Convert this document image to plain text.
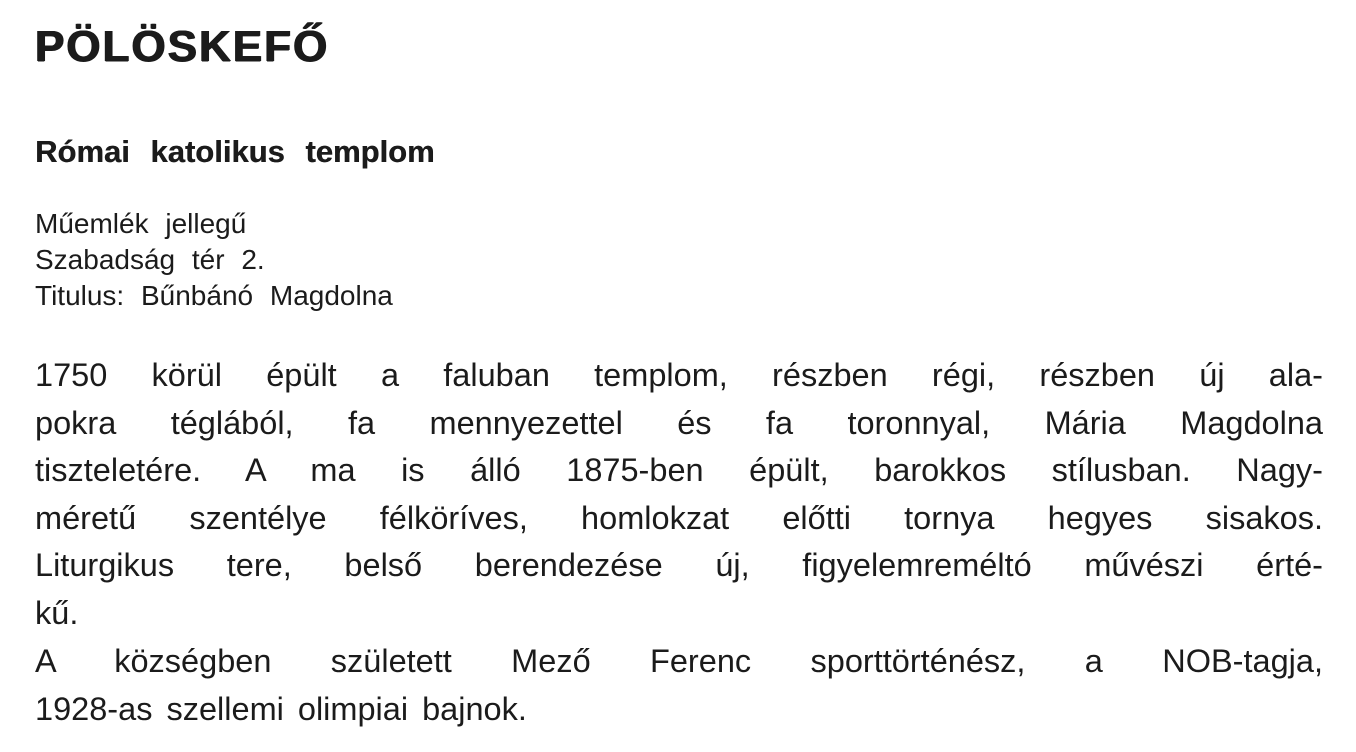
PÖLÖSKEFŐ
Római katolikus templom
Műemlék jellegű
Szabadság tér 2.
Titulus: Bűnbánó Magdolna
1750 körül épült a faluban templom, részben régi, részben új ala-
pokra téglából, fa mennyezettel és fa toronnyal, Mária Magdolna
tiszteletére. A ma is álló 1875-ben épült, barokkos stílusban. Nagy-
méretű szentélye félköríves, homlokzat előtti tornya hegyes sisakos.
Liturgikus tere, belső berendezése új, figyelemreméltó művészi érté-
kű.
A községben született Mező Ferenc sporttörténész, a NOB-tagja,
1928-as szellemi olimpiai bajnok.
